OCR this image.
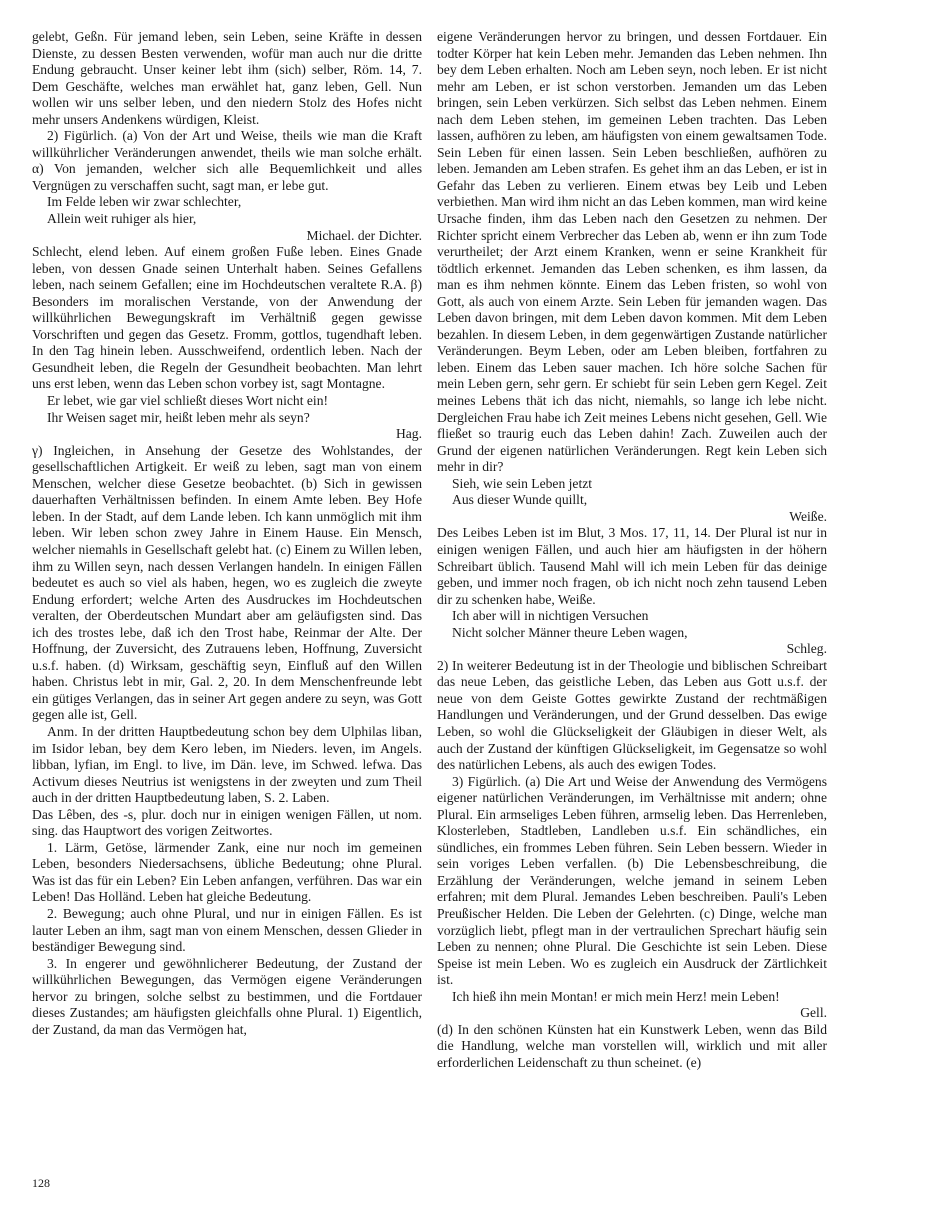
gelebt, Geßn. Für jemand leben, sein Leben, seine Kräfte in dessen Dienste, zu dessen Besten verwenden, wofür man auch nur die dritte Endung gebraucht. Unser keiner lebt ihm (sich) selber, Röm. 14, 7. Dem Geschäfte, welches man erwählet hat, ganz leben, Gell. Nun wollen wir uns selber leben, und den niedern Stolz des Hofes nicht mehr unsers Andenkens würdigen, Kleist.

2) Figürlich. (a) Von der Art und Weise, theils wie man die Kraft willkührlicher Veränderungen anwendet, theils wie man solche erhält. α) Von jemanden, welcher sich alle Bequemlichkeit und alles Vergnügen zu verschaffen sucht, sagt man, er lebe gut.

Im Felde leben wir zwar schlechter,

Allein weit ruhiger als hier,

Michael. der Dichter.

Schlecht, elend leben. Auf einem großen Fuße leben. Eines Gnade leben, von dessen Gnade seinen Unterhalt haben. Seines Gefallens leben, nach seinem Gefallen; eine im Hochdeutschen veraltete R.A. β) Besonders im moralischen Verstande, von der Anwendung der willkührlichen Bewegungskraft im Verhältniß gegen gewisse Vorschriften und gegen das Gesetz. Fromm, gottlos, tugendhaft leben. In den Tag hinein leben. Ausschweifend, ordentlich leben. Nach der Gesundheit leben, die Regeln der Gesundheit beobachten. Man lehrt uns erst leben, wenn das Leben schon vorbey ist, sagt Montagne.

Er lebet, wie gar viel schließt dieses Wort nicht ein!

Ihr Weisen saget mir, heißt leben mehr als seyn?

Hag.

γ) Ingleichen, in Ansehung der Gesetze des Wohlstandes, der gesellschaftlichen Artigkeit. Er weiß zu leben, sagt man von einem Menschen, welcher diese Gesetze beobachtet. (b) Sich in gewissen dauerhaften Verhältnissen befinden. In einem Amte leben. Bey Hofe leben. In der Stadt, auf dem Lande leben. Ich kann unmöglich mit ihm leben. Wir leben schon zwey Jahre in Einem Hause. Ein Mensch, welcher niemahls in Gesellschaft gelebt hat. (c) Einem zu Willen leben, ihm zu Willen seyn, nach dessen Verlangen handeln. In einigen Fällen bedeutet es auch so viel als haben, hegen, wo es zugleich die zweyte Endung erfordert; welche Arten des Ausdruckes im Hochdeutschen veralten, der Oberdeutschen Mundart aber am geläufigsten sind. Das ich des trostes lebe, daß ich den Trost habe, Reinmar der Alte. Der Hoffnung, der Zuversicht, des Zutrauens leben, Hoffnung, Zuversicht u.s.f. haben. (d) Wirksam, geschäftig seyn, Einfluß auf den Willen haben. Christus lebt in mir, Gal. 2, 20. In dem Menschenfreunde lebt ein gütiges Verlangen, das in seiner Art gegen andere zu seyn, was Gott gegen alle ist, Gell.

Anm. In der dritten Hauptbedeutung schon bey dem Ulphilas liban, im Isidor leban, bey dem Kero leben, im Nieders. leven, im Angels. libban, lyfian, im Engl. to live, im Dän. leve, im Schwed. lefwa. Das Activum dieses Neutrius ist wenigstens in der zweyten und zum Theil auch in der dritten Hauptbedeutung laben, S. 2. Laben.

Das Lêben, des -s, plur. doch nur in einigen wenigen Fällen, ut nom. sing. das Hauptwort des vorigen Zeitwortes.

1. Lärm, Getöse, lärmender Zank, eine nur noch im gemeinen Leben, besonders Niedersachsens, übliche Bedeutung; ohne Plural. Was ist das für ein Leben? Ein Leben anfangen, verführen. Das war ein Leben! Das Holländ. Leben hat gleiche Bedeutung.

2. Bewegung; auch ohne Plural, und nur in einigen Fällen. Es ist lauter Leben an ihm, sagt man von einem Menschen, dessen Glieder in beständiger Bewegung sind.

3. In engerer und gewöhnlicherer Bedeutung, der Zustand der willkührlichen Bewegungen, das Vermögen eigene Veränderungen hervor zu bringen, solche selbst zu bestimmen, und die Fortdauer dieses Zustandes; am häufigsten gleichfalls ohne Plural. 1) Eigentlich, der Zustand, da man das Vermögen hat,

eigene Veränderungen hervor zu bringen, und dessen Fortdauer. Ein todter Körper hat kein Leben mehr. Jemanden das Leben nehmen. Ihn bey dem Leben erhalten. Noch am Leben seyn, noch leben. Er ist nicht mehr am Leben, er ist schon verstorben. Jemanden um das Leben bringen, sein Leben verkürzen. Sich selbst das Leben nehmen. Einem nach dem Leben stehen, im gemeinen Leben trachten. Das Leben lassen, aufhören zu leben, am häufigsten von einem gewaltsamen Tode. Sein Leben für einen lassen. Sein Leben beschließen, aufhören zu leben. Jemanden am Leben strafen. Es gehet ihm an das Leben, er ist in Gefahr das Leben zu verlieren. Einem etwas bey Leib und Leben verbiethen. Man wird ihm nicht an das Leben kommen, man wird keine Ursache finden, ihm das Leben nach den Gesetzen zu nehmen. Der Richter spricht einem Verbrecher das Leben ab, wenn er ihn zum Tode verurtheilet; der Arzt einem Kranken, wenn er seine Krankheit für tödtlich erkennet. Jemanden das Leben schenken, es ihm lassen, da man es ihm nehmen könnte. Einem das Leben fristen, so wohl von Gott, als auch von einem Arzte. Sein Leben für jemanden wagen. Das Leben davon bringen, mit dem Leben davon kommen. Mit dem Leben bezahlen. In diesem Leben, in dem gegenwärtigen Zustande natürlicher Veränderungen. Beym Leben, oder am Leben bleiben, fortfahren zu leben. Einem das Leben sauer machen. Ich höre solche Sachen für mein Leben gern, sehr gern. Er schiebt für sein Leben gern Kegel. Zeit meines Lebens thät ich das nicht, niemahls, so lange ich lebe nicht. Dergleichen Frau habe ich Zeit meines Lebens nicht gesehen, Gell. Wie fließet so traurig euch das Leben dahin! Zach. Zuweilen auch der Grund der eigenen natürlichen Veränderungen. Regt kein Leben sich mehr in dir?

Sieh, wie sein Leben jetzt

Aus dieser Wunde quillt,

Weiße.

Des Leibes Leben ist im Blut, 3 Mos. 17, 11, 14. Der Plural ist nur in einigen wenigen Fällen, und auch hier am häufigsten in der höhern Schreibart üblich. Tausend Mahl will ich mein Leben für das deinige geben, und immer noch fragen, ob ich nicht noch zehn tausend Leben dir zu schenken habe, Weiße.

Ich aber will in nichtigen Versuchen

Nicht solcher Männer theure Leben wagen,

Schleg.

2) In weiterer Bedeutung ist in der Theologie und biblischen Schreibart das neue Leben, das geistliche Leben, das Leben aus Gott u.s.f. der neue von dem Geiste Gottes gewirkte Zustand der rechtmäßigen Handlungen und Veränderungen, und der Grund desselben. Das ewige Leben, so wohl die Glückseligkeit der Gläubigen in dieser Welt, als auch der Zustand der künftigen Glückseligkeit, im Gegensatze so wohl des natürlichen Lebens, als auch des ewigen Todes.

3) Figürlich. (a) Die Art und Weise der Anwendung des Vermögens eigener natürlichen Veränderungen, im Verhältnisse mit andern; ohne Plural. Ein armseliges Leben führen, armselig leben. Das Herrenleben, Klosterleben, Stadtleben, Landleben u.s.f. Ein schändliches, ein sündliches, ein frommes Leben führen. Sein Leben bessern. Wieder in sein voriges Leben verfallen. (b) Die Lebensbeschreibung, die Erzählung der Veränderungen, welche jemand in seinem Leben erfahren; mit dem Plural. Jemandes Leben beschreiben. Pauli's Leben Preußischer Helden. Die Leben der Gelehrten. (c) Dinge, welche man vorzüglich liebt, pflegt man in der vertraulichen Sprechart häufig sein Leben zu nennen; ohne Plural. Die Geschichte ist sein Leben. Diese Speise ist mein Leben. Wo es zugleich ein Ausdruck der Zärtlichkeit ist.

Ich hieß ihn mein Montan! er mich mein Herz! mein Leben!

Gell.

(d) In den schönen Künsten hat ein Kunstwerk Leben, wenn das Bild die Handlung, welche man vorstellen will, wirklich und mit aller erforderlichen Leidenschaft zu thun scheinet. (e)

128
